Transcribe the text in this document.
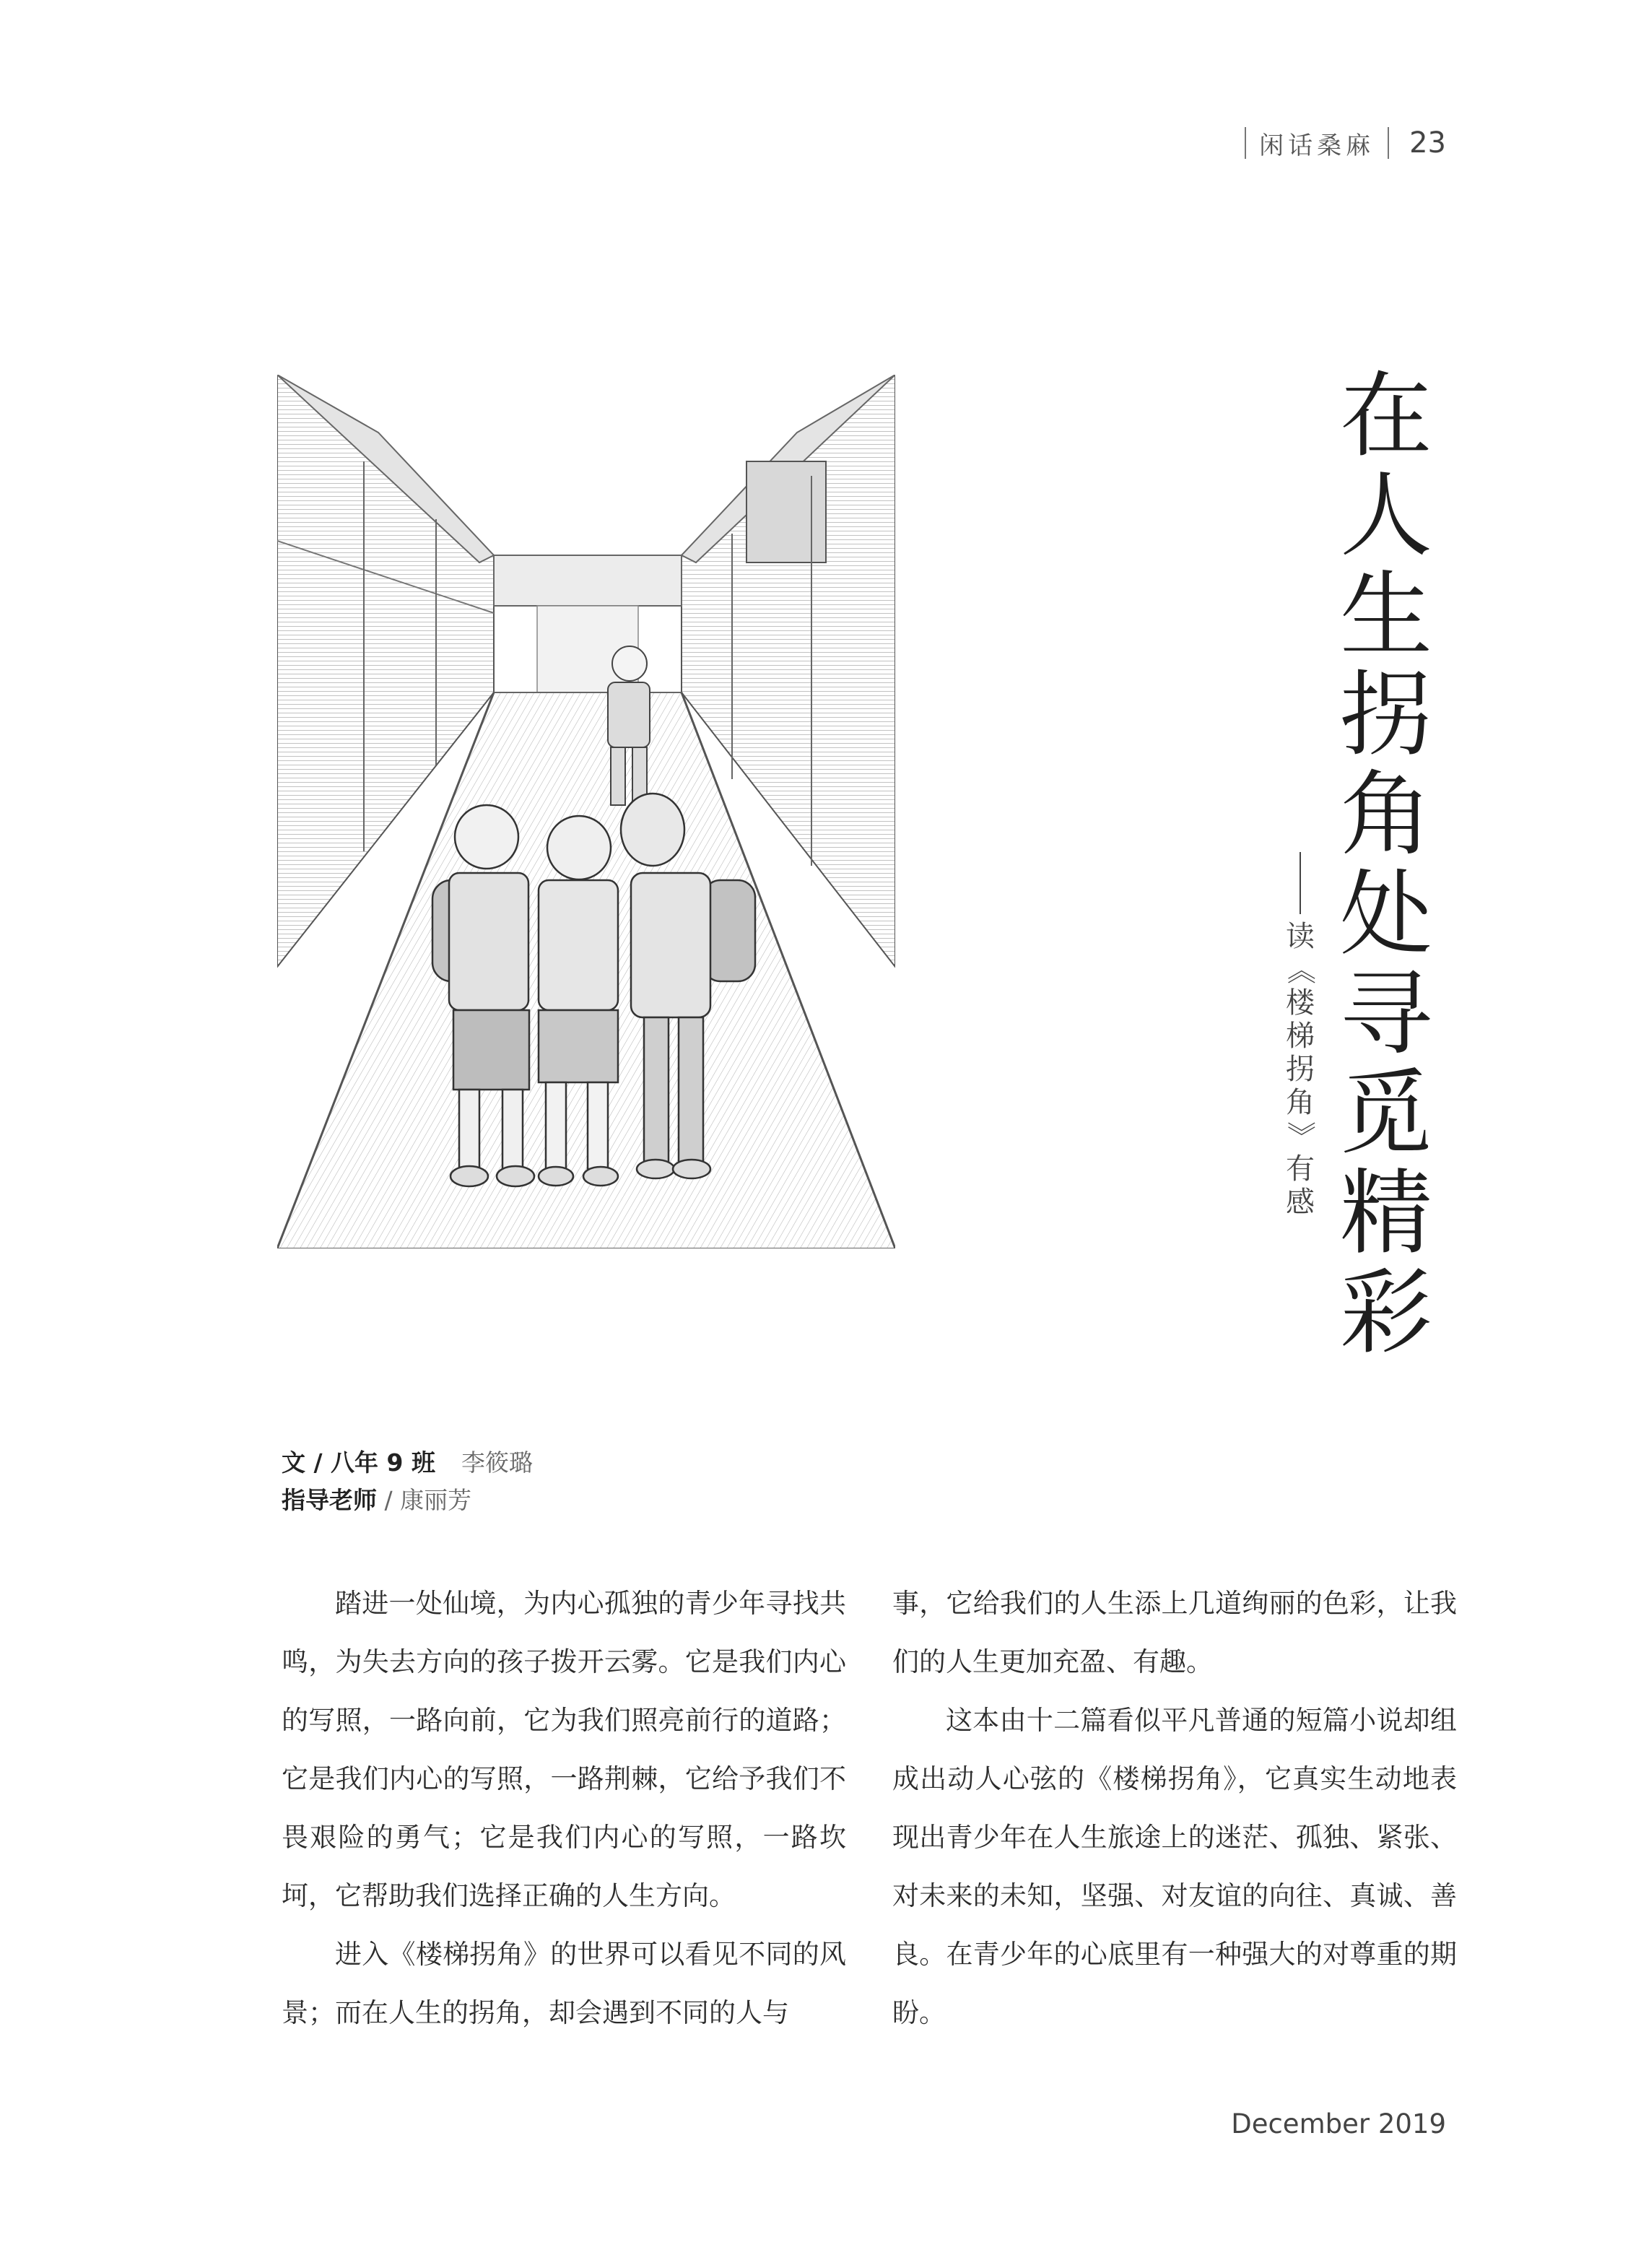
闲话桑麻 23
在
人
生
拐
角
处
寻
觅
精
彩
读
《
楼
梯
拐
角
》
有
感
文 / 八年 9 班 李筱璐
指导老师 / 康丽芳

踏进一处仙境，为内心孤独的青少年寻找共鸣，为失去方向的孩子拨开云雾。它是我们内心的写照，一路向前，它为我们照亮前行的道路；它是我们内心的写照，一路荆棘，它给予我们不畏艰险的勇气；它是我们内心的写照，一路坎坷，它帮助我们选择正确的人生方向。

进入《楼梯拐角》的世界可以看见不同的风景；而在人生的拐角，却会遇到不同的人与

事，它给我们的人生添上几道绚丽的色彩，让我们的人生更加充盈、有趣。

这本由十二篇看似平凡普通的短篇小说却组成出动人心弦的《楼梯拐角》，它真实生动地表现出青少年在人生旅途上的迷茫、孤独、紧张、对未来的未知，坚强、对友谊的向往、真诚、善良。在青少年的心底里有一种强大的对尊重的期盼。

December 2019
